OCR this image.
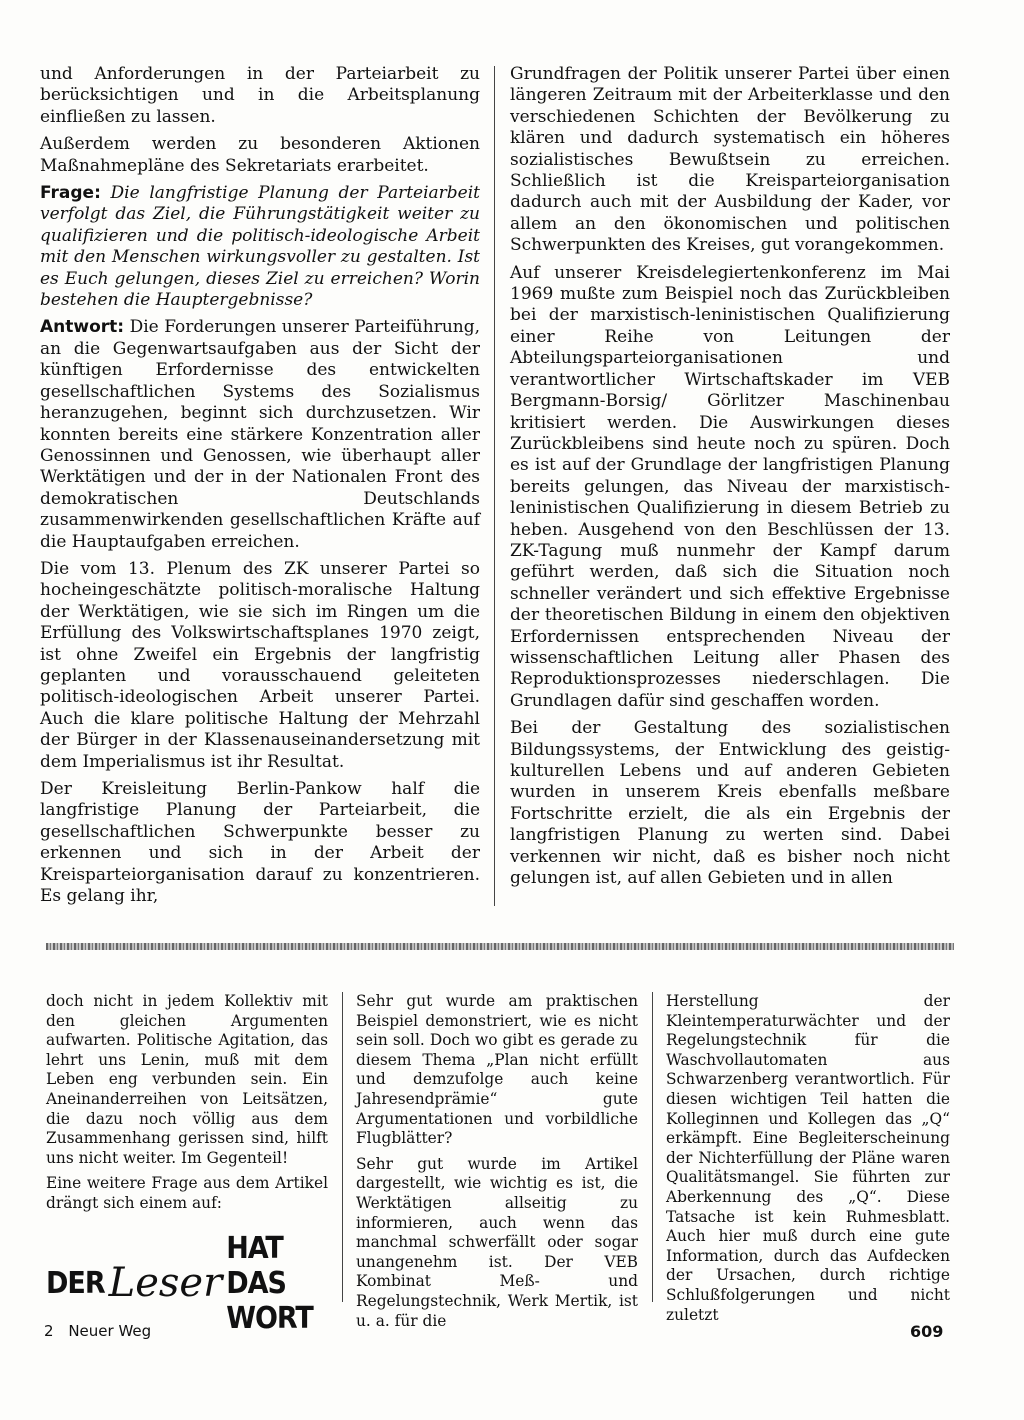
und Anforderungen in der Parteiarbeit zu berücksichtigen und in die Arbeitsplanung einfließen zu lassen.

Außerdem werden zu besonderen Aktionen Maßnahmepläne des Sekretariats erarbeitet.

Frage: Die langfristige Planung der Parteiarbeit verfolgt das Ziel, die Führungstätigkeit weiter zu qualifizieren und die politisch-ideologische Arbeit mit den Menschen wirkungsvoller zu gestalten. Ist es Euch gelungen, dieses Ziel zu erreichen? Worin bestehen die Hauptergebnisse?

Antwort: Die Forderungen unserer Parteiführung, an die Gegenwartsaufgaben aus der Sicht der künftigen Erfordernisse des entwickelten gesellschaftlichen Systems des Sozialismus heranzugehen, beginnt sich durchzusetzen. Wir konnten bereits eine stärkere Konzentration aller Genossinnen und Genossen, wie überhaupt aller Werktätigen und der in der Nationalen Front des demokratischen Deutschlands zusammenwirkenden gesellschaftlichen Kräfte auf die Hauptaufgaben erreichen.

Die vom 13. Plenum des ZK unserer Partei so hocheingeschätzte politisch-moralische Haltung der Werktätigen, wie sie sich im Ringen um die Erfüllung des Volkswirtschaftsplanes 1970 zeigt, ist ohne Zweifel ein Ergebnis der langfristig geplanten und vorausschauend geleiteten politisch-ideologischen Arbeit unserer Partei. Auch die klare politische Haltung der Mehrzahl der Bürger in der Klassenauseinandersetzung mit dem Imperialismus ist ihr Resultat.

Der Kreisleitung Berlin-Pankow half die langfristige Planung der Parteiarbeit, die gesellschaftlichen Schwerpunkte besser zu erkennen und sich in der Arbeit der Kreisparteiorganisation darauf zu konzentrieren. Es gelang ihr,

Grundfragen der Politik unserer Partei über einen längeren Zeitraum mit der Arbeiterklasse und den verschiedenen Schichten der Bevölkerung zu klären und dadurch systematisch ein höheres sozialistisches Bewußtsein zu erreichen. Schließlich ist die Kreisparteiorganisation dadurch auch mit der Ausbildung der Kader, vor allem an den ökonomischen und politischen Schwerpunkten des Kreises, gut vorangekommen.

Auf unserer Kreisdelegiertenkonferenz im Mai 1969 mußte zum Beispiel noch das Zurückbleiben bei der marxistisch-leninistischen Qualifizierung einer Reihe von Leitungen der Abteilungsparteiorganisationen und verantwortlicher Wirtschaftskader im VEB Bergmann-Borsig/ Görlitzer Maschinenbau kritisiert werden. Die Auswirkungen dieses Zurückbleibens sind heute noch zu spüren. Doch es ist auf der Grundlage der langfristigen Planung bereits gelungen, das Niveau der marxistisch-leninistischen Qualifizierung in diesem Betrieb zu heben. Ausgehend von den Beschlüssen der 13. ZK-Tagung muß nunmehr der Kampf darum geführt werden, daß sich die Situation noch schneller verändert und sich effektive Ergebnisse der theoretischen Bildung in einem den objektiven Erfordernissen entsprechenden Niveau der wissenschaftlichen Leitung aller Phasen des Reproduktionsprozesses niederschlagen. Die Grundlagen dafür sind geschaffen worden.

Bei der Gestaltung des sozialistischen Bildungssystems, der Entwicklung des geistig-kulturellen Lebens und auf anderen Gebieten wurden in unserem Kreis ebenfalls meßbare Fortschritte erzielt, die als ein Ergebnis der langfristigen Planung zu werten sind. Dabei verkennen wir nicht, daß es bisher noch nicht gelungen ist, auf allen Gebieten und in allen

doch nicht in jedem Kollektiv mit den gleichen Argumenten aufwarten. Politische Agitation, das lehrt uns Lenin, muß mit dem Leben eng verbunden sein. Ein Aneinanderreihen von Leitsätzen, die dazu noch völlig aus dem Zusammenhang gerissen sind, hilft uns nicht weiter. Im Gegenteil!

Eine weitere Frage aus dem Artikel drängt sich einem auf:

Sehr gut wurde am praktischen Beispiel demonstriert, wie es nicht sein soll. Doch wo gibt es gerade zu diesem Thema „Plan nicht erfüllt und demzufolge auch keine Jahresendprämie“ gute Argumentationen und vorbildliche Flugblätter?

Sehr gut wurde im Artikel dargestellt, wie wichtig es ist, die Werktätigen allseitig zu informieren, auch wenn das manchmal schwerfällt oder sogar unangenehm ist. Der VEB Kombinat Meß- und Regelungstechnik, Werk Mertik, ist u. a. für die

Herstellung der Kleintemperaturwächter und der Regelungstechnik für die Waschvollautomaten aus Schwarzenberg verantwortlich. Für diesen wichtigen Teil hatten die Kolleginnen und Kollegen das „Q“ erkämpft. Eine Begleiterscheinung der Nichterfüllung der Pläne waren Qualitätsmangel. Sie führten zur Aberkennung des „Q“. Diese Tatsache ist kein Ruhmesblatt. Auch hier muß durch eine gute Information, durch das Aufdecken der Ursachen, durch richtige Schlußfolgerungen und nicht zuletzt

DER Leser
HAT DAS WORT
2 Neuer Weg	609
